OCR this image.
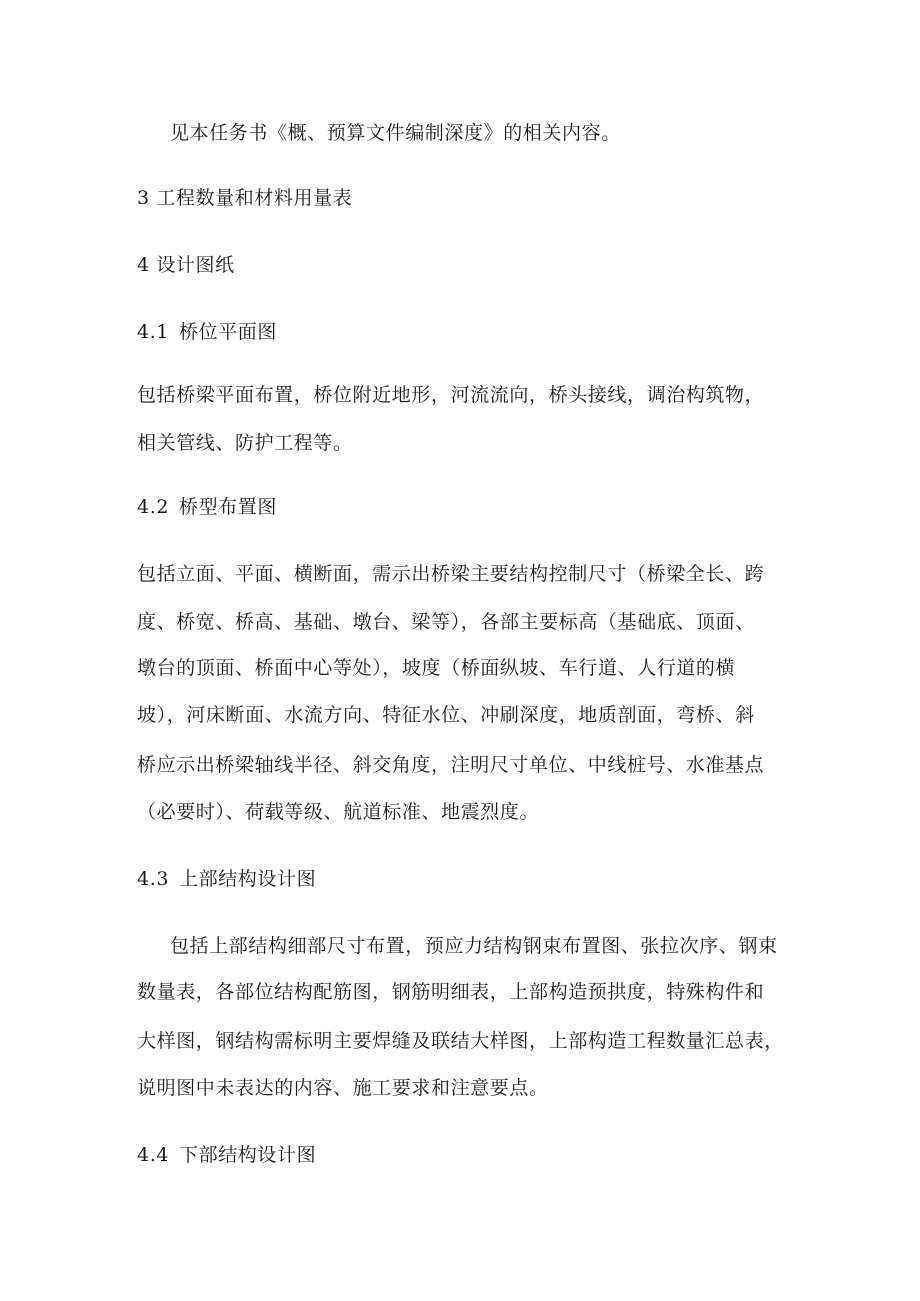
见本任务书《概、预算文件编制深度》的相关内容。
3 工程数量和材料用量表
4 设计图纸
4.1 桥位平面图
包括桥梁平面布置，桥位附近地形，河流流向，桥头接线，调治构筑物，
相关管线、防护工程等。
4.2 桥型布置图
包括立面、平面、横断面，需示出桥梁主要结构控制尺寸（桥梁全长、跨
度、桥宽、桥高、基础、墩台、梁等），各部主要标高（基础底、顶面、
墩台的顶面、桥面中心等处），坡度（桥面纵坡、车行道、人行道的横
坡），河床断面、水流方向、特征水位、冲刷深度，地质剖面，弯桥、斜
桥应示出桥梁轴线半径、斜交角度，注明尺寸单位、中线桩号、水准基点
（必要时）、荷载等级、航道标准、地震烈度。
4.3 上部结构设计图
包括上部结构细部尺寸布置，预应力结构钢束布置图、张拉次序、钢束
数量表，各部位结构配筋图，钢筋明细表，上部构造预拱度，特殊构件和
大样图，钢结构需标明主要焊缝及联结大样图，上部构造工程数量汇总表，
说明图中未表达的内容、施工要求和注意要点。
4.4 下部结构设计图
